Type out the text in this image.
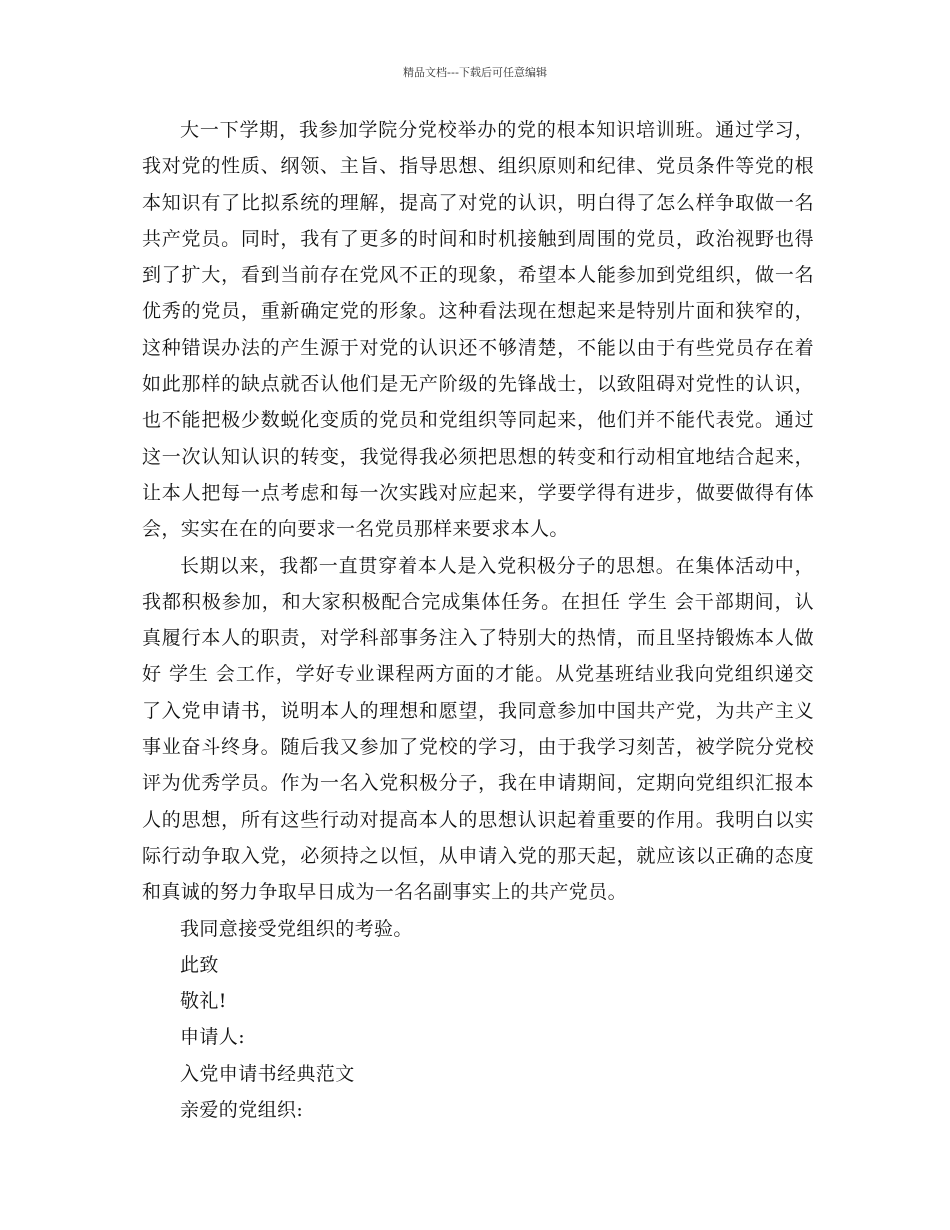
精品文档---下载后可任意编辑

大一下学期，我参加学院分党校举办的党的根本知识培训班。通过学习，我对党的性质、纲领、主旨、指导思想、组织原则和纪律、党员条件等党的根本知识有了比拟系统的理解，提高了对党的认识，明白得了怎么样争取做一名共产党员。同时，我有了更多的时间和时机接触到周围的党员，政治视野也得到了扩大，看到当前存在党风不正的现象，希望本人能参加到党组织，做一名优秀的党员，重新确定党的形象。这种看法现在想起来是特别片面和狭窄的，这种错误办法的产生源于对党的认识还不够清楚，不能以由于有些党员存在着如此那样的缺点就否认他们是无产阶级的先锋战士，以致阻碍对党性的认识，也不能把极少数蜕化变质的党员和党组织等同起来，他们并不能代表党。通过这一次认知认识的转变，我觉得我必须把思想的转变和行动相宜地结合起来，让本人把每一点考虑和每一次实践对应起来，学要学得有进步，做要做得有体会，实实在在的向要求一名党员那样来要求本人。

长期以来，我都一直贯穿着本人是入党积极分子的思想。在集体活动中，我都积极参加，和大家积极配合完成集体任务。在担任 学生 会干部期间，认真履行本人的职责，对学科部事务注入了特别大的热情，而且坚持锻炼本人做好 学生 会工作，学好专业课程两方面的才能。从党基班结业我向党组织递交了入党申请书，说明本人的理想和愿望，我同意参加中国共产党，为共产主义事业奋斗终身。随后我又参加了党校的学习，由于我学习刻苦，被学院分党校评为优秀学员。作为一名入党积极分子，我在申请期间，定期向党组织汇报本人的思想，所有这些行动对提高本人的思想认识起着重要的作用。我明白以实际行动争取入党，必须持之以恒，从申请入党的那天起，就应该以正确的态度和真诚的努力争取早日成为一名名副事实上的共产党员。

我同意接受党组织的考验。

此致

敬礼!

申请人:

入党申请书经典范文

亲爱的党组织:
